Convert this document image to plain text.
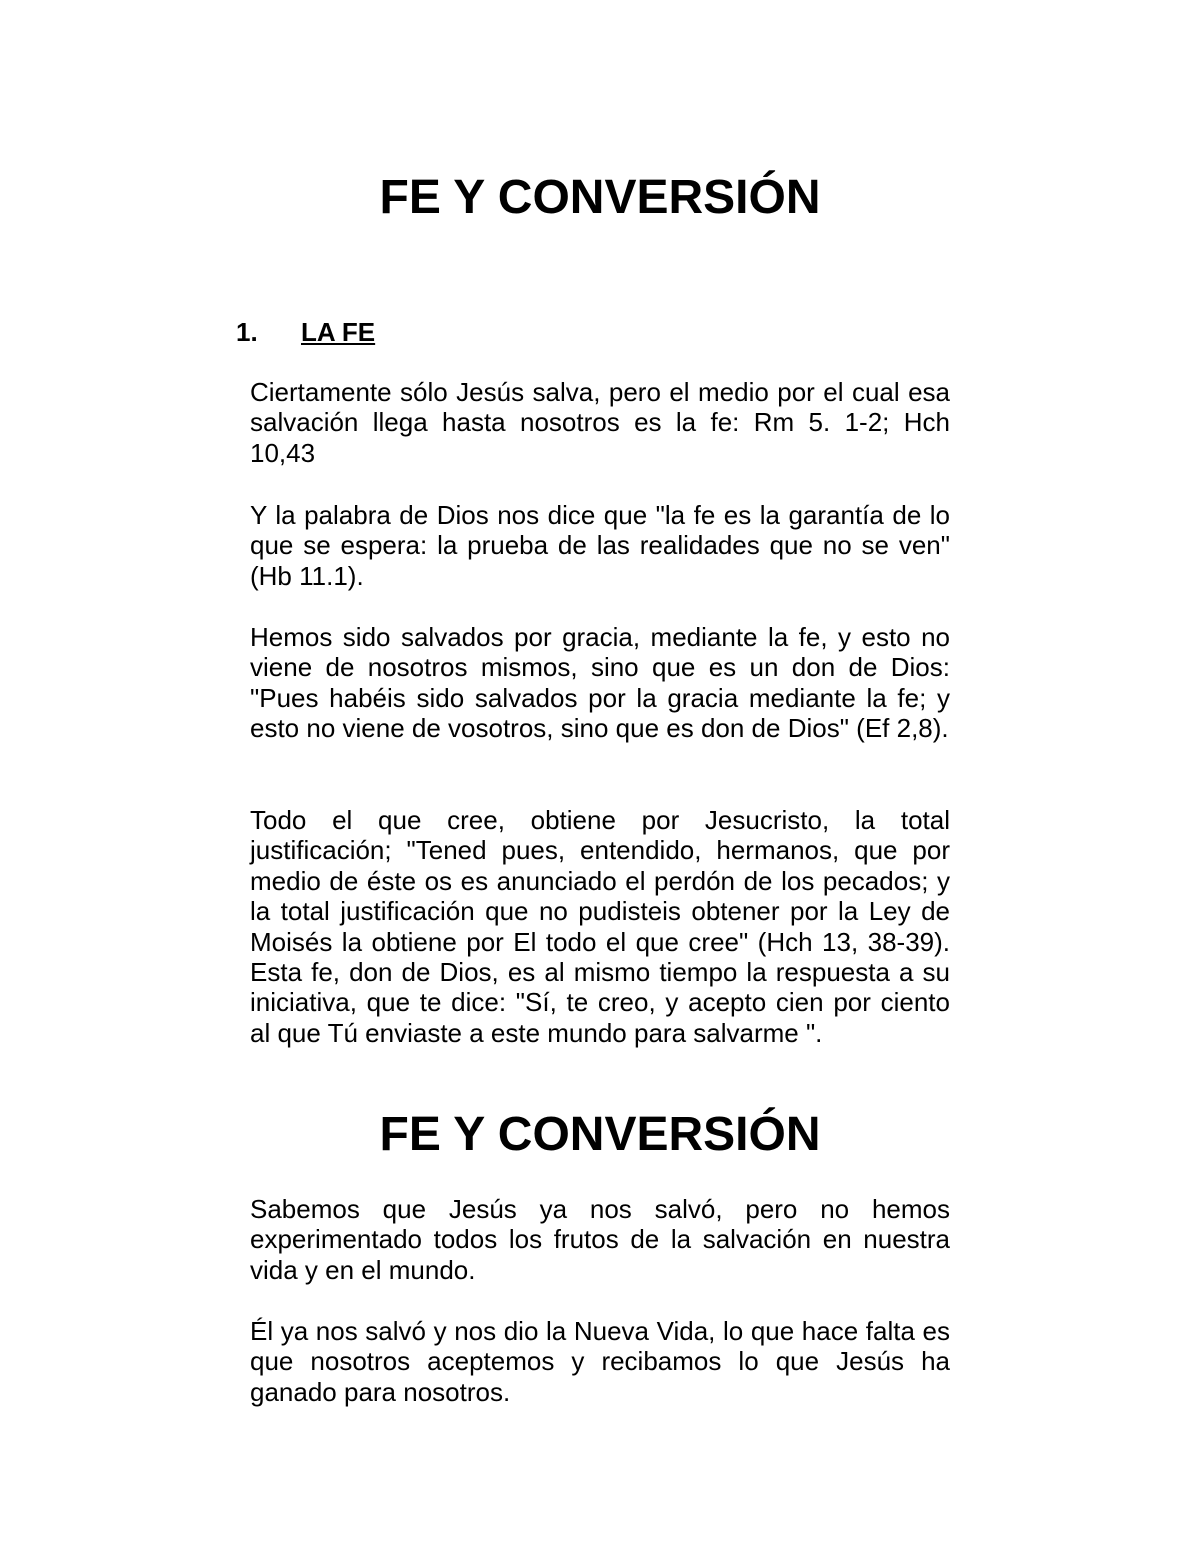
FE Y CONVERSIÓN
1. LA FE

Ciertamente sólo Jesús salva, pero el medio por el cual esa salvación llega hasta nosotros es la fe: Rm 5. 1-2; Hch 10,43

Y la palabra de Dios nos dice que "la fe es la garantía de lo que se espera: la prueba de las realidades que no se ven" (Hb 11.1).

Hemos sido salvados por gracia, mediante la fe, y esto no viene de nosotros mismos, sino que es un don de Dios: "Pues habéis sido salvados por la gracia mediante la fe; y esto no viene de vosotros, sino que es don de Dios" (Ef 2,8).

Todo el que cree, obtiene por Jesucristo, la total justificación; "Tened pues, entendido, hermanos, que por medio de éste os es anunciado el perdón de los pecados; y la total justificación que no pudisteis obtener por la Ley de Moisés la obtiene por El todo el que cree" (Hch 13, 38-39). Esta fe, don de Dios, es al mismo tiempo la respuesta a su iniciativa, que te dice: "Sí, te creo, y acepto cien por ciento al que Tú enviaste a este mundo para salvarme ".

FE Y CONVERSIÓN

Sabemos que Jesús ya nos salvó, pero no hemos experimentado todos los frutos de la salvación en nuestra vida y en el mundo.

Él ya nos salvó y nos dio la Nueva Vida, lo que hace falta es que nosotros aceptemos y recibamos lo que Jesús ha ganado para nosotros.
